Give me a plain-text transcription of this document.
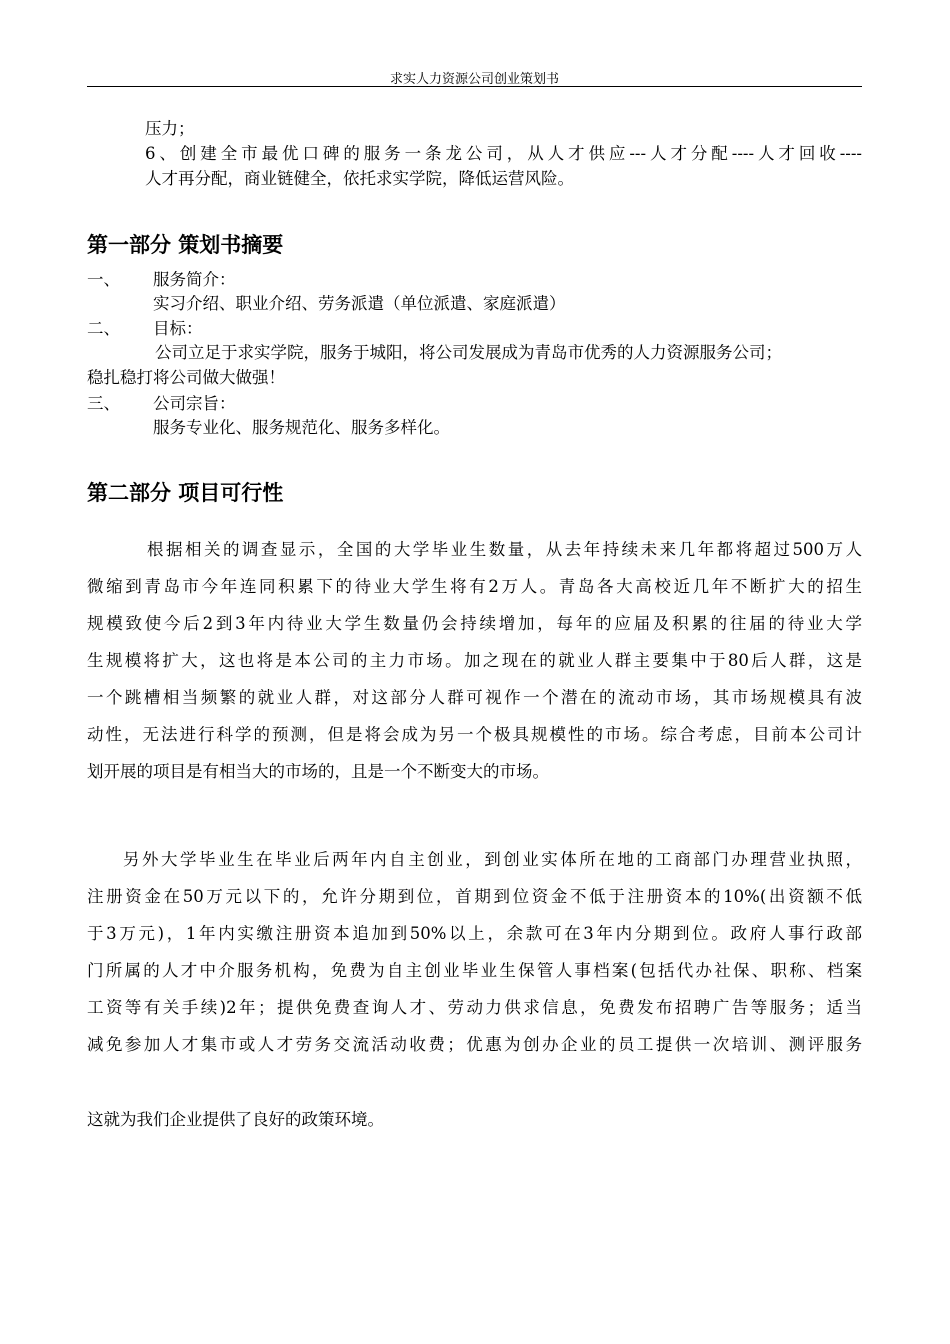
求实人力资源公司创业策划书
压力；
6、创建全市最优口碑的服务一条龙公司，从人才供应---人才分配----人才回收----
人才再分配，商业链健全，依托求实学院，降低运营风险。
第一部分 策划书摘要
一、 服务简介：
实习介绍、职业介绍、劳务派遣（单位派遣、家庭派遣）
二、 目标：
公司立足于求实学院，服务于城阳，将公司发展成为青岛市优秀的人力资源服务公司；
稳扎稳打将公司做大做强！
三、 公司宗旨：
服务专业化、服务规范化、服务多样化。
第二部分 项目可行性
根据相关的调查显示，全国的大学毕业生数量，从去年持续未来几年都将超过500万人
微缩到青岛市今年连同积累下的待业大学生将有2万人。青岛各大高校近几年不断扩大的招生
规模致使今后2到3年内待业大学生数量仍会持续增加，每年的应届及积累的往届的待业大学
生规模将扩大，这也将是本公司的主力市场。加之现在的就业人群主要集中于80后人群，这是
一个跳槽相当频繁的就业人群，对这部分人群可视作一个潜在的流动市场，其市场规模具有波
动性，无法进行科学的预测，但是将会成为另一个极具规模性的市场。综合考虑，目前本公司计
划开展的项目是有相当大的市场的，且是一个不断变大的市场。
另外大学毕业生在毕业后两年内自主创业，到创业实体所在地的工商部门办理营业执照，
注册资金在50万元以下的，允许分期到位，首期到位资金不低于注册资本的10%(出资额不低
于3万元)，1年内实缴注册资本追加到50%以上，余款可在3年内分期到位。政府人事行政部
门所属的人才中介服务机构，免费为自主创业毕业生保管人事档案(包括代办社保、职称、档案
工资等有关手续)2年；提供免费查询人才、劳动力供求信息，免费发布招聘广告等服务；适当
减免参加人才集市或人才劳务交流活动收费；优惠为创办企业的员工提供一次培训、测评服务
这就为我们企业提供了良好的政策环境。
